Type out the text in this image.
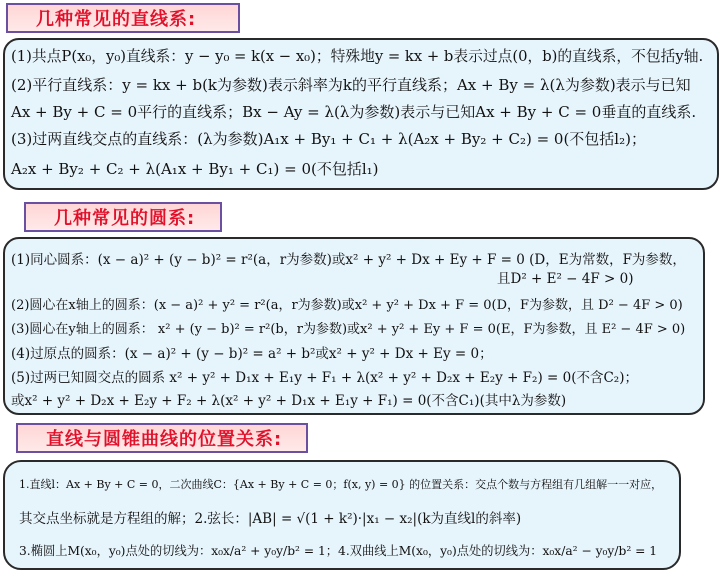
几种常见的直线系:
(1)共点P(x₀，y₀)直线系：y − y₀ = k(x − x₀)；特殊地y = kx + b表示过点(0，b)的直线系，不包括y轴.
(2)平行直线系：y = kx + b(k为参数)表示斜率为k的平行直线系；Ax + By = λ(λ为参数)表示与已知
Ax + By + C = 0平行的直线系；Bx − Ay = λ(λ为参数)表示与已知Ax + By + C = 0垂直的直线系.
(3)过两直线交点的直线系：(λ为参数)A₁x + By₁ + C₁ + λ(A₂x + By₂ + C₂) = 0(不包括l₂)；
A₂x + By₂ + C₂ + λ(A₁x + By₁ + C₁) = 0(不包括l₁)
几种常见的圆系:
(1)同心圆系：(x − a)² + (y − b)² = r²(a，r为参数)或x² + y² + Dx + Ey + F = 0 (D，E为常数，F为参数，
且D² + E² − 4F > 0)
(2)圆心在x轴上的圆系：(x − a)² + y² = r²(a，r为参数)或x² + y² + Dx + F = 0(D，F为参数，且 D² − 4F > 0)
(3)圆心在y轴上的圆系： x² + (y − b)² = r²(b，r为参数)或x² + y² + Ey + F = 0(E，F为参数，且 E² − 4F > 0)
(4)过原点的圆系：(x − a)² + (y − b)² = a² + b²或x² + y² + Dx + Ey = 0；
(5)过两已知圆交点的圆系 x² + y² + D₁x + E₁y + F₁ + λ(x² + y² + D₂x + E₂y + F₂) = 0(不含C₂)；
或x² + y² + D₂x + E₂y + F₂ + λ(x² + y² + D₁x + E₁y + F₁) = 0(不含C₁)(其中λ为参数)
直线与圆锥曲线的位置关系:
1.直线l：Ax + By + C = 0，二次曲线C：{Ax + By + C = 0；f(x, y) = 0} 的位置关系：交点个数与方程组有几组解一一对应，
其交点坐标就是方程组的解；2.弦长：|AB| = √(1 + k²)·|x₁ − x₂|(k为直线l的斜率)
3.椭圆上M(x₀，y₀)点处的切线为：x₀x/a² + y₀y/b² = 1；4.双曲线上M(x₀，y₀)点处的切线为：x₀x/a² − y₀y/b² = 1
